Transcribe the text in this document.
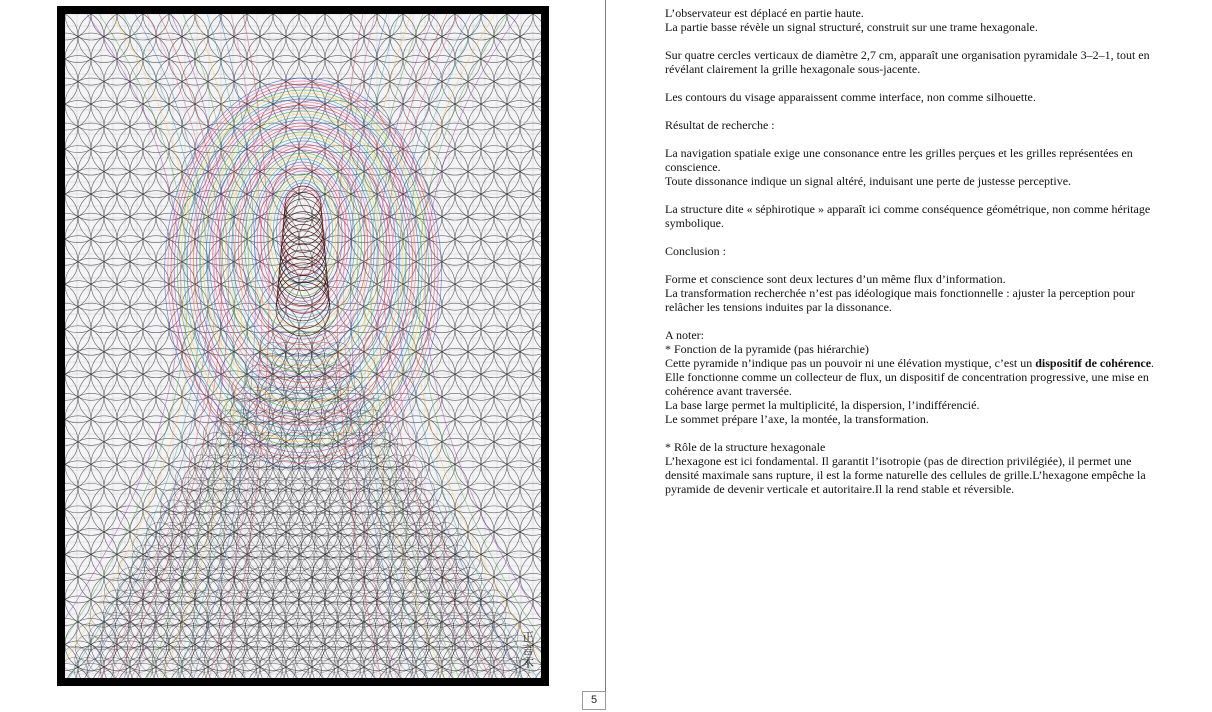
正 言 木
5

L’observateur est déplacé en partie haute.
La partie basse révèle un signal structuré, construit sur une trame hexagonale.

Sur quatre cercles verticaux de diamètre 2,7 cm, apparaît une organisation pyramidale 3–2–1, tout en révélant clairement la grille hexagonale sous-jacente.

Les contours du visage apparaissent comme interface, non comme silhouette.

Résultat de recherche :

La navigation spatiale exige une consonance entre les grilles perçues et les grilles représentées en conscience.
Toute dissonance indique un signal altéré, induisant une perte de justesse perceptive.

La structure dite « séphirotique » apparaît ici comme conséquence géométrique, non comme héritage symbolique.

Conclusion :

Forme et conscience sont deux lectures d’un même flux d’information.
La transformation recherchée n’est pas idéologique mais fonctionnelle : ajuster la perception pour relâcher les tensions induites par la dissonance.

A noter:
* Fonction de la pyramide (pas hiérarchie)
Cette pyramide n’indique pas un pouvoir ni une élévation mystique, c’est un dispositif de cohérence. Elle fonctionne comme un collecteur de flux, un dispositif de concentration progressive, une mise en cohérence avant traversée.
La base large permet la multiplicité, la dispersion, l’indifférencié.
Le sommet prépare l’axe, la montée, la transformation.

* Rôle de la structure hexagonale
L’hexagone est ici fondamental. Il garantit l’isotropie (pas de direction privilégiée), il permet une densité maximale sans rupture, il est la forme naturelle des cellules de grille.L’hexagone empêche la pyramide de devenir verticale et autoritaire.Il la rend stable et réversible.
